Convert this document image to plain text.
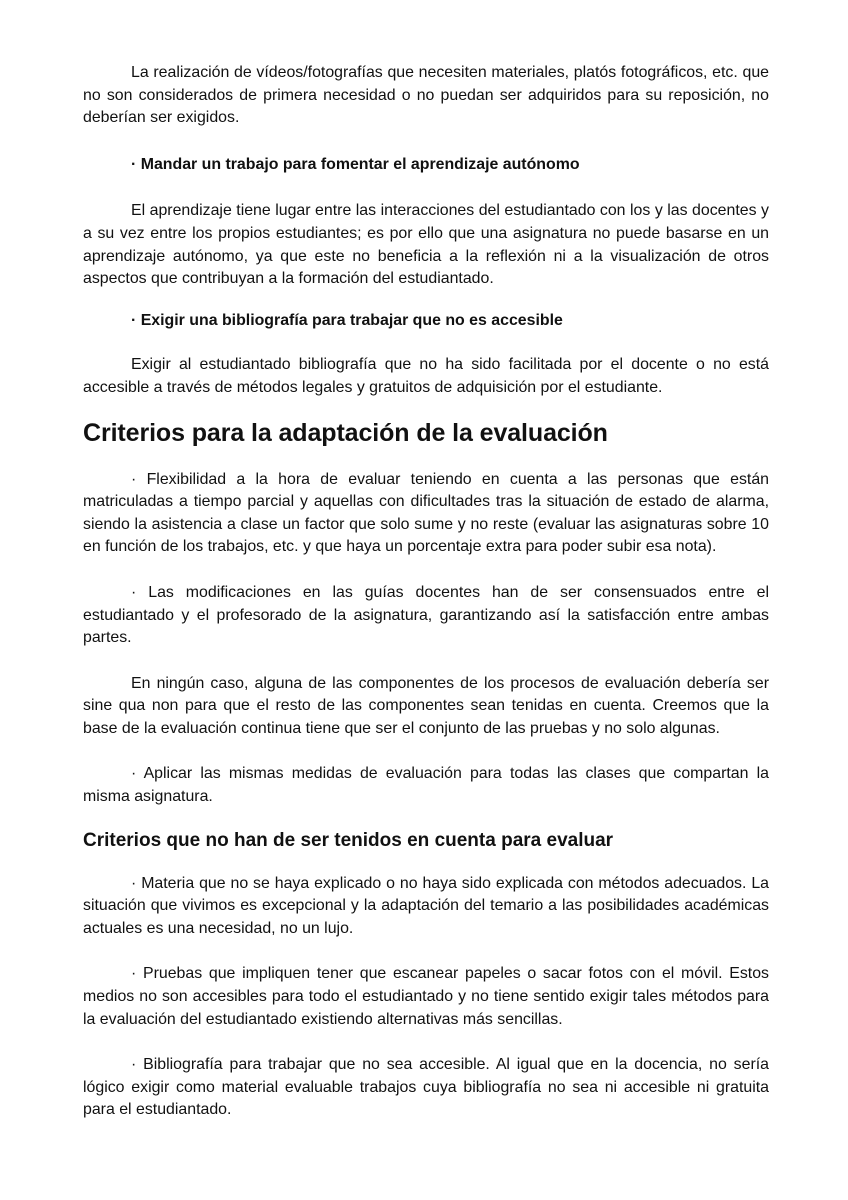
La realización de vídeos/fotografías que necesiten materiales, platós fotográficos, etc. que no son considerados de primera necesidad o no puedan ser adquiridos para su reposición, no deberían ser exigidos.

· Mandar un trabajo para fomentar el aprendizaje autónomo

El aprendizaje tiene lugar entre las interacciones del estudiantado con los y las docentes y a su vez entre los propios estudiantes; es por ello que una asignatura no puede basarse en un aprendizaje autónomo, ya que este no beneficia a la reflexión ni a la visualización de otros aspectos que contribuyan a la formación del estudiantado.

· Exigir una bibliografía para trabajar que no es accesible

Exigir al estudiantado bibliografía que no ha sido facilitada por el docente o no está accesible a través de métodos legales y gratuitos de adquisición por el estudiante.

Criterios para la adaptación de la evaluación

· Flexibilidad a la hora de evaluar teniendo en cuenta a las personas que están matriculadas a tiempo parcial y aquellas con dificultades tras la situación de estado de alarma, siendo la asistencia a clase un factor que solo sume y no reste (evaluar las asignaturas sobre 10 en función de los trabajos, etc. y que haya un porcentaje extra para poder subir esa nota).

· Las modificaciones en las guías docentes han de ser consensuados entre el estudiantado y el profesorado de la asignatura, garantizando así la satisfacción entre ambas partes.

En ningún caso, alguna de las componentes de los procesos de evaluación debería ser sine qua non para que el resto de las componentes sean tenidas en cuenta. Creemos que la base de la evaluación continua tiene que ser el conjunto de las pruebas y no solo algunas.

· Aplicar las mismas medidas de evaluación para todas las clases que compartan la misma asignatura.

Criterios que no han de ser tenidos en cuenta para evaluar

· Materia que no se haya explicado o no haya sido explicada con métodos adecuados. La situación que vivimos es excepcional y la adaptación del temario a las posibilidades académicas actuales es una necesidad, no un lujo.

· Pruebas que impliquen tener que escanear papeles o sacar fotos con el móvil. Estos medios no son accesibles para todo el estudiantado y no tiene sentido exigir tales métodos para la evaluación del estudiantado existiendo alternativas más sencillas.

· Bibliografía para trabajar que no sea accesible. Al igual que en la docencia, no sería lógico exigir como material evaluable trabajos cuya bibliografía no sea ni accesible ni gratuita para el estudiantado.
